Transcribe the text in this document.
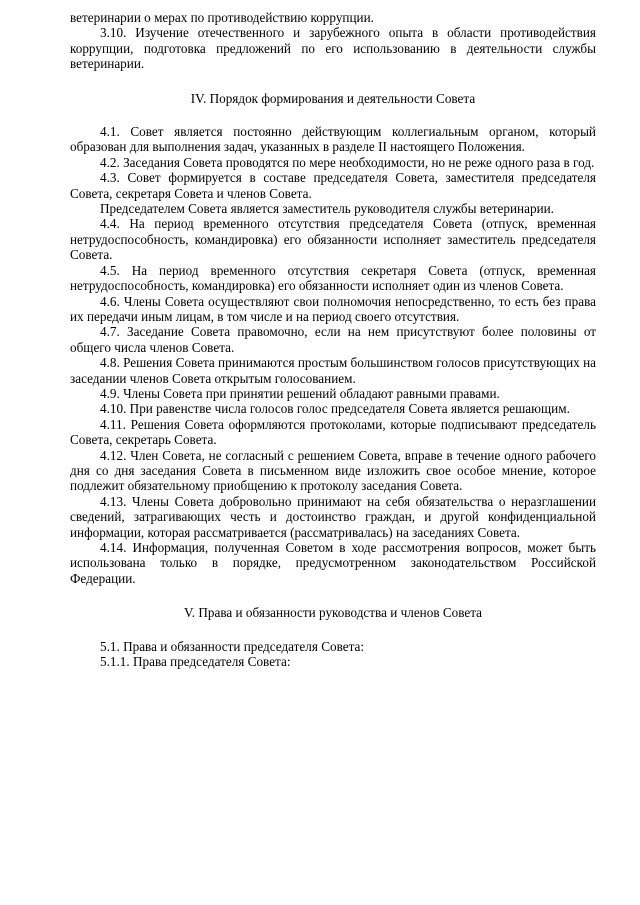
ветеринарии о мерах по противодействию коррупции.

3.10. Изучение отечественного и зарубежного опыта в области противодействия коррупции, подготовка предложений по его использованию в деятельности службы ветеринарии.

IV. Порядок формирования и деятельности Совета

4.1. Совет является постоянно действующим коллегиальным органом, который образован для выполнения задач, указанных в разделе II настоящего Положения.

4.2. Заседания Совета проводятся по мере необходимости, но не реже одного раза в год.

4.3. Совет формируется в составе председателя Совета, заместителя председателя Совета, секретаря Совета и членов Совета.

Председателем Совета является заместитель руководителя службы ветеринарии.

4.4. На период временного отсутствия председателя Совета (отпуск, временная нетрудоспособность, командировка) его обязанности исполняет заместитель председателя Совета.

4.5. На период временного отсутствия секретаря Совета (отпуск, временная нетрудоспособность, командировка) его обязанности исполняет один из членов Совета.

4.6. Члены Совета осуществляют свои полномочия непосредственно, то есть без права их передачи иным лицам, в том числе и на период своего отсутствия.

4.7. Заседание Совета правомочно, если на нем присутствуют более половины от общего числа членов Совета.

4.8. Решения Совета принимаются простым большинством голосов присутствующих на заседании членов Совета открытым голосованием.

4.9. Члены Совета при принятии решений обладают равными правами.

4.10. При равенстве числа голосов голос председателя Совета является решающим.

4.11. Решения Совета оформляются протоколами, которые подписывают председатель Совета, секретарь Совета.

4.12. Член Совета, не согласный с решением Совета, вправе в течение одного рабочего дня со дня заседания Совета в письменном виде изложить свое особое мнение, которое подлежит обязательному приобщению к протоколу заседания Совета.

4.13. Члены Совета добровольно принимают на себя обязательства о неразглашении сведений, затрагивающих честь и достоинство граждан, и другой конфиденциальной информации, которая рассматривается (рассматривалась) на заседаниях Совета.

4.14. Информация, полученная Советом в ходе рассмотрения вопросов, может быть использована только в порядке, предусмотренном законодательством Российской Федерации.

V. Права и обязанности руководства и членов Совета

5.1. Права и обязанности председателя Совета:

5.1.1. Права председателя Совета:
